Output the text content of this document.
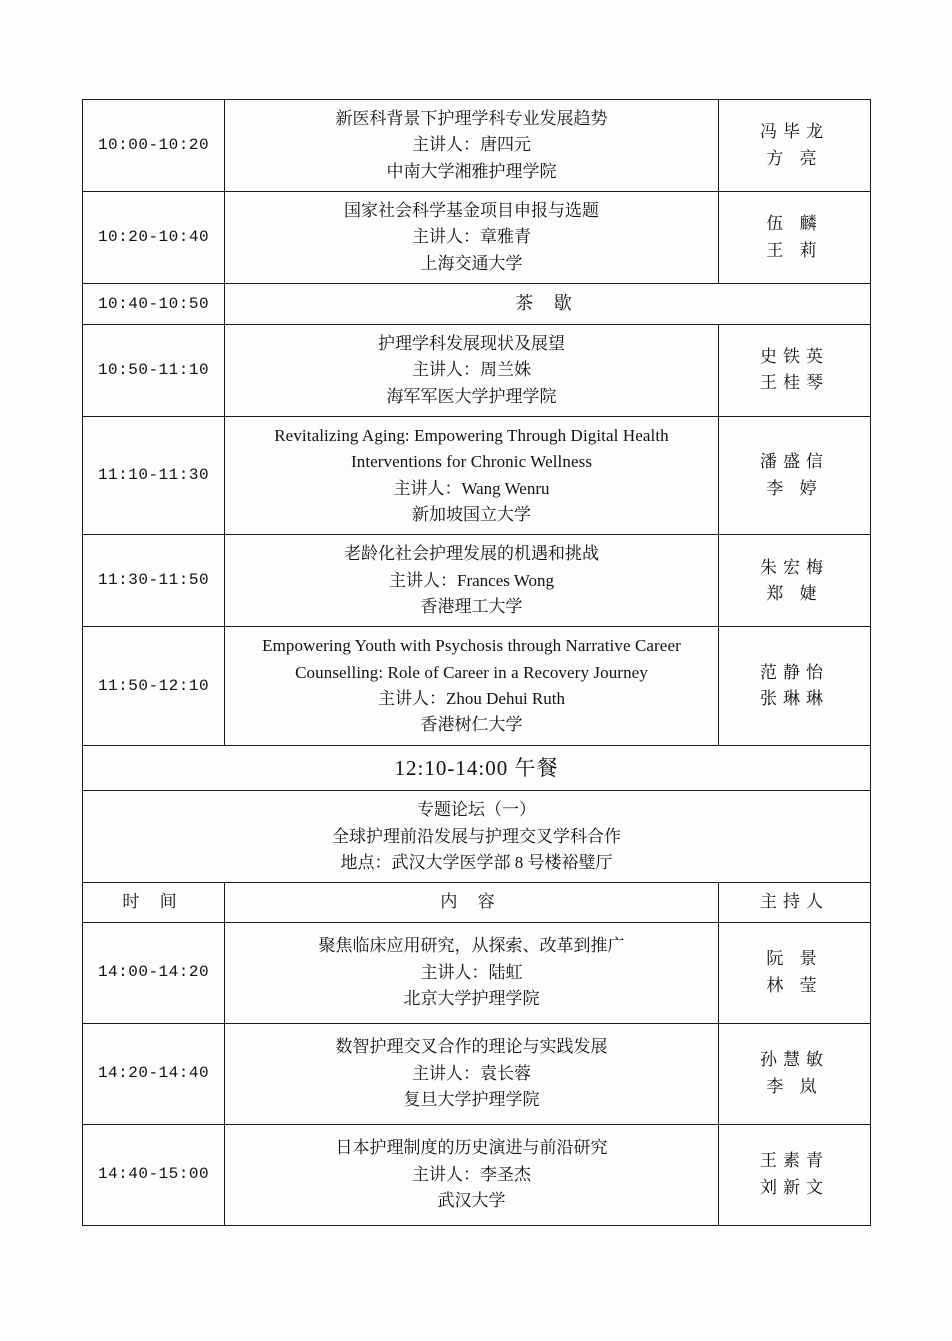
10:00-10:20	新医科背景下护理学科专业发展趋势
主讲人：唐四元
中南大学湘雅护理学院	冯毕龙
方 亮

10:20-10:40	国家社会科学基金项目申报与选题
主讲人：章雅青
上海交通大学	伍 麟
王 莉

10:40-10:50	茶 歇	
10:50-11:10	护理学科发展现状及展望
主讲人：周兰姝
海军军医大学护理学院	史铁英
王桂琴

11:10-11:30	Revitalizing Aging: Empowering Through Digital Health
Interventions for Chronic Wellness
主讲人：Wang Wenru
新加坡国立大学	潘盛信
李 婷

11:30-11:50	老龄化社会护理发展的机遇和挑战
主讲人：Frances Wong
香港理工大学	朱宏梅
郑 婕

11:50-12:10	Empowering Youth with Psychosis through Narrative Career
Counselling: Role of Career in a Recovery Journey
主讲人：Zhou Dehui Ruth
香港树仁大学	范静怡
张琳琳

12:10-14:00 午餐		

专题论坛（一）
全球护理前沿发展与护理交叉学科合作
地点：武汉大学医学部 8 号楼裕璧厅		

时 间	内 容	主持人
14:00-14:20	聚焦临床应用研究，从探索、改革到推广
主讲人：陆虹
北京大学护理学院	阮 景
林 莹

14:20-14:40	数智护理交叉合作的理论与实践发展
主讲人：袁长蓉
复旦大学护理学院	孙慧敏
李 岚

14:40-15:00	日本护理制度的历史演进与前沿研究
主讲人：李圣杰
武汉大学	王素青
刘新文
